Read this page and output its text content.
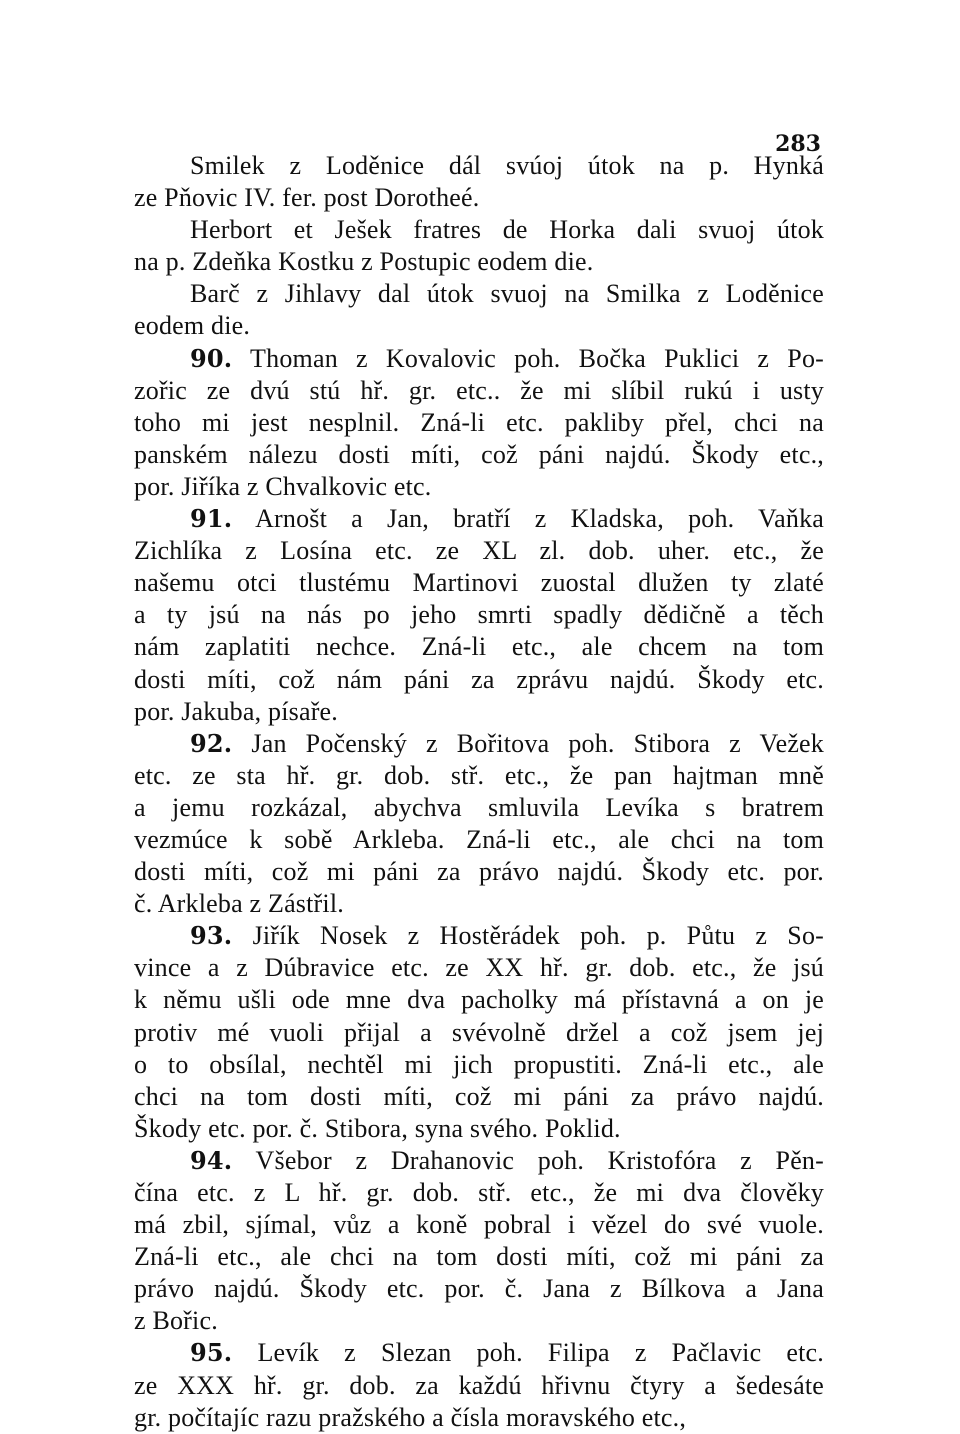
283
Smilek z Loděnice dál svúoj útok na p. Hynká
ze Pňovic IV. fer. post Dorotheé.
Herbort et Ješek fratres de Horka dali svuoj útok
na p. Zdeňka Kostku z Postupic eodem die.
Barč z Jihlavy dal útok svuoj na Smilka z Loděnice
eodem die.
90. Thoman z Kovalovic poh. Bočka Puklici z Po-
zořic ze dvú stú hř. gr. etc.. že mi slíbil rukú i usty
toho mi jest nesplnil. Zná-li etc. pakliby přel, chci na
panském nálezu dosti míti, což páni najdú. Škody etc.,
por. Jiříka z Chvalkovic etc.
91. Arnošt a Jan, bratří z Kladska, poh. Vaňka
Zichlíka z Losína etc. ze XL zl. dob. uher. etc., že
našemu otci tlustému Martinovi zuostal dlužen ty zlaté
a ty jsú na nás po jeho smrti spadly dědičně a těch
nám zaplatiti nechce. Zná-li etc., ale chcem na tom
dosti míti, což nám páni za zprávu najdú. Škody etc.
por. Jakuba, písaře.
92. Jan Počenský z Bořitova poh. Stibora z Vežek
etc. ze sta hř. gr. dob. stř. etc., že pan hajtman mně
a jemu rozkázal, abychva smluvila Levíka s bratrem
vezmúce k sobě Arkleba. Zná-li etc., ale chci na tom
dosti míti, což mi páni za právo najdú. Škody etc. por.
č. Arkleba z Zástřil.
93. Jiřík Nosek z Hostěrádek poh. p. Půtu z So-
vince a z Dúbravice etc. ze XX hř. gr. dob. etc., že jsú
k němu ušli ode mne dva pacholky má přístavná a on je
protiv mé vuoli přijal a svévolně držel a což jsem jej
o to obsílal, nechtěl mi jich propustiti. Zná-li etc., ale
chci na tom dosti míti, což mi páni za právo najdú.
Škody etc. por. č. Stibora, syna svého. Poklid.
94. Všebor z Drahanovic poh. Kristofóra z Pěn-
čína etc. z L hř. gr. dob. stř. etc., že mi dva člověky
má zbil, sjímal, vůz a koně pobral i vězel do své vuole.
Zná-li etc., ale chci na tom dosti míti, což mi páni za
právo najdú. Škody etc. por. č. Jana z Bílkova a Jana
z Bořic.
95. Levík z Slezan poh. Filipa z Pačlavic etc.
ze XXX hř. gr. dob. za každú hřivnu čtyry a šedesáte
gr. počítajíc razu pražského a čísla moravského etc.,
